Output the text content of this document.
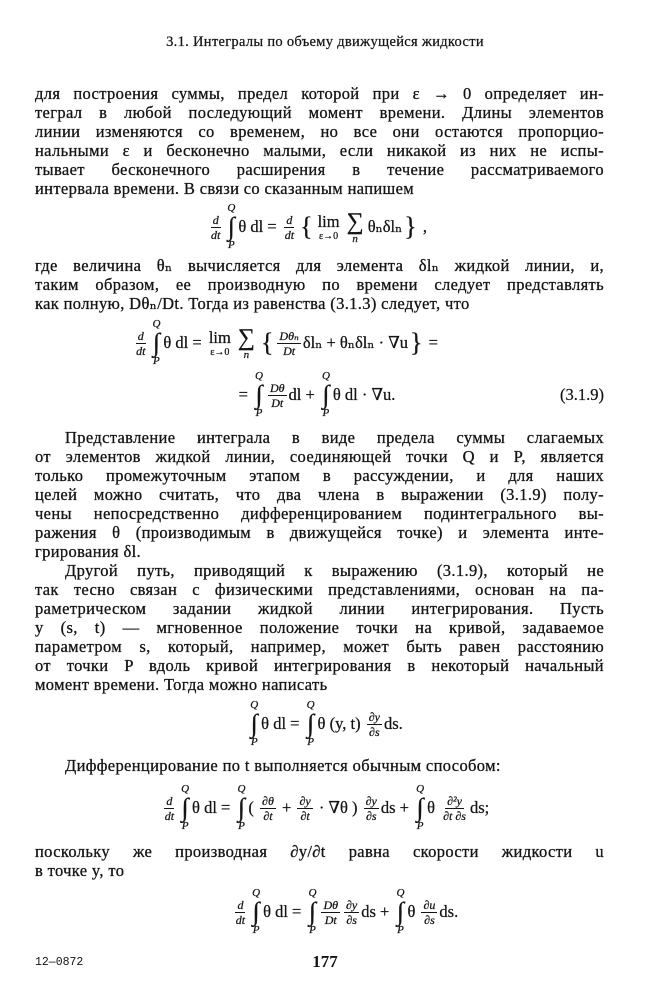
3.1. Интегралы по объему движущейся жидкости
для построения суммы, предел которой при ε → 0 определяет ин-
теграл в любой последующий момент времени. Длины элементов
линии изменяются со временем, но все они остаются пропорцио-
нальными ε и бесконечно малыми, если никакой из них не испы-
тывает бесконечного расширения в течение рассматриваемого
интервала времени. В связи со сказанным напишем
$\frac{d}{dt}$
Q
∫
P
θ dl = $\frac{d}{dt}$ { lim
ε→0
∑
n
θₙδlₙ } ,
где величина θₙ вычисляется для элемента δlₙ жидкой линии, и,
таким образом, ее производную по времени следует представлять
как полную, Dθₙ/Dt. Тогда из равенства (3.1.3) следует, что
$\frac{d}{dt}$
Q
∫
P
θ dl = lim
ε→0
∑
n { $\frac{\text{Dθₙ}}{Dt}$ δlₙ + θₙδlₙ · ∇u } =
=
Q
∫
P
$\frac{D\theta}{Dt}$ dl +
Q
∫
P
θ dl · ∇u.	(3.1.9)
Представление интеграла в виде предела суммы слагаемых
от элементов жидкой линии, соединяющей точки Q и P, является
только промежуточным этапом в рассуждении, и для наших
целей можно считать, что два члена в выражении (3.1.9) полу-
чены непосредственно дифференцированием подинтегрального вы-
ражения θ (производимым в движущейся точке) и элемента инте-
грирования δl.
Другой путь, приводящий к выражению (3.1.9), который не
так тесно связан с физическими представлениями, основан на па-
раметрическом задании жидкой линии интегрирования. Пусть
y (s, t) — мгновенное положение точки на кривой, задаваемое
параметром s, который, например, может быть равен расстоянию
от точки P вдоль кривой интегрирования в некоторый начальный
момент времени. Тогда можно написать
Q
∫
P
θ dl =
Q
∫
P
θ (y, $t) \frac{\partial y}{\partial s}$ ds.
Дифференцирование по t выполняется обычным способом:
$\frac{d}{dt}$
Q
∫
P
θ dl =
Q
∫
P
( $\frac{\partial\theta}{\partial t} + \frac{\partial y}{\partial t} \cdot \nabla\theta$ ) $\frac{\partial y}{\partial s}$ ds +
Q
∫
P
θ $\frac{\text{∂²y}}{\partial t \partial s}$ ds;
поскольку же производная ∂y/∂t равна скорости жидкости u
в точке y, то
$\frac{d}{dt}$
Q
∫
P
θ dl =
Q
∫
P
$\frac{D\theta}{Dt} \frac{\partial y}{\partial s}$ ds +
Q
∫
P
θ $\frac{\partial u}{\partial s}$ ds.
12—0872	177
